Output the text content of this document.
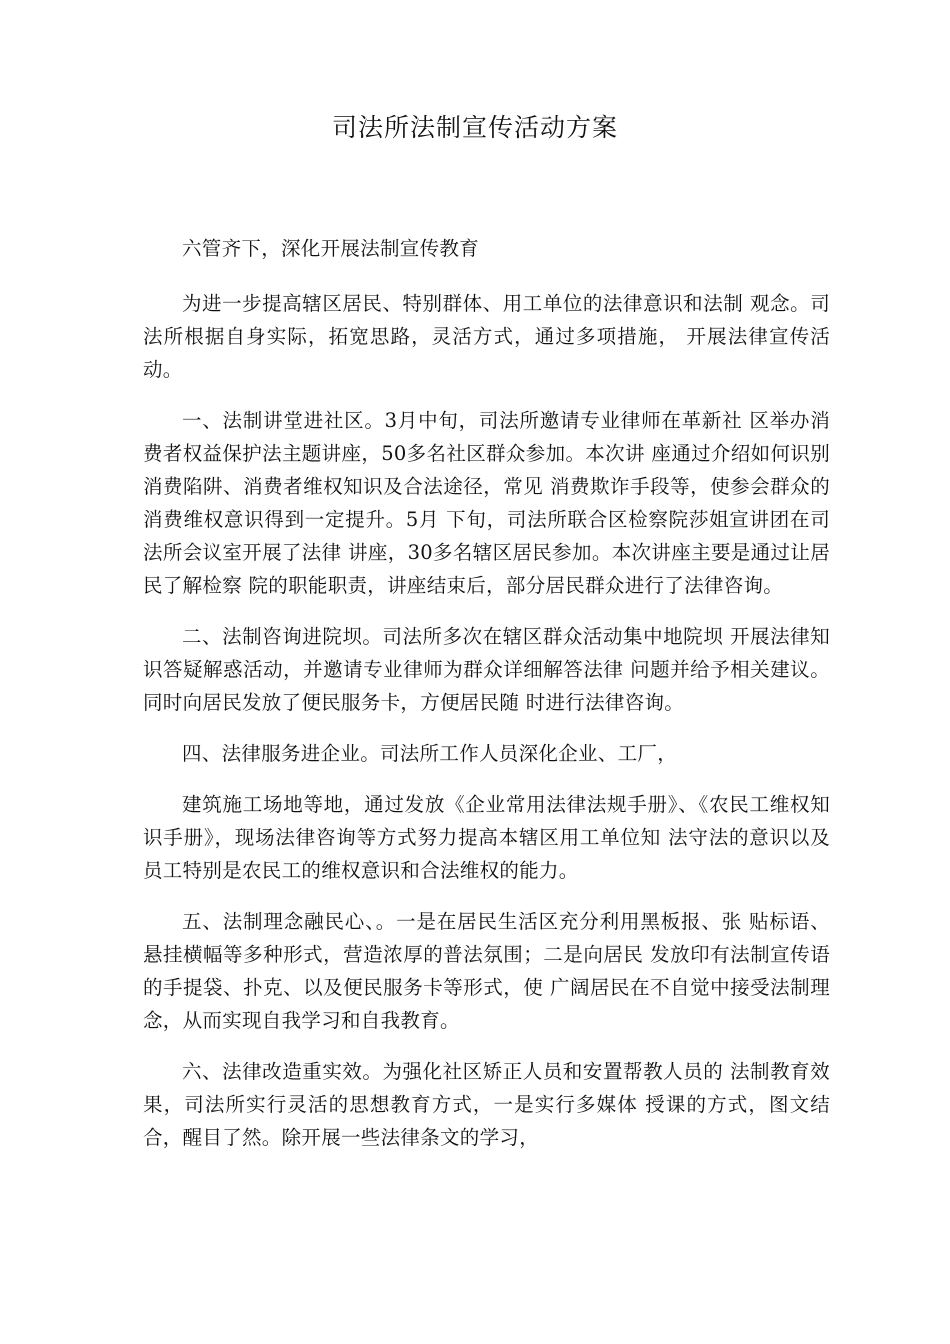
司法所法制宣传活动方案

六管齐下，深化开展法制宣传教育

为进一步提高辖区居民、特别群体、用工单位的法律意识和法制 观念。司法所根据自身实际，拓宽思路，灵活方式，通过多项措施， 开展法律宣传活动。

一、法制讲堂进社区。3月中旬，司法所邀请专业律师在革新社 区举办消费者权益保护法主题讲座，50多名社区群众参加。本次讲 座通过介绍如何识别消费陷阱、消费者维权知识及合法途径，常见 消费欺诈手段等，使参会群众的消费维权意识得到一定提升。5月 下旬，司法所联合区检察院莎姐宣讲团在司法所会议室开展了法律 讲座，30多名辖区居民参加。本次讲座主要是通过让居民了解检察 院的职能职责，讲座结束后，部分居民群众进行了法律咨询。

二、法制咨询进院坝。司法所多次在辖区群众活动集中地院坝 开展法律知识答疑解惑活动，并邀请专业律师为群众详细解答法律 问题并给予相关建议。同时向居民发放了便民服务卡，方便居民随 时进行法律咨询。

四、法律服务进企业。司法所工作人员深化企业、工厂，

建筑施工场地等地，通过发放《企业常用法律法规手册》、《农民工维权知识手册》，现场法律咨询等方式努力提高本辖区用工单位知 法守法的意识以及员工特别是农民工的维权意识和合法维权的能力。

五、法制理念融民心、。一是在居民生活区充分利用黑板报、张 贴标语、悬挂横幅等多种形式，营造浓厚的普法氛围；二是向居民 发放印有法制宣传语的手提袋、扑克、以及便民服务卡等形式，使 广阔居民在不自觉中接受法制理念，从而实现自我学习和自我教育。

六、法律改造重实效。为强化社区矫正人员和安置帮教人员的 法制教育效果，司法所实行灵活的思想教育方式，一是实行多媒体 授课的方式，图文结合，醒目了然。除开展一些法律条文的学习，
